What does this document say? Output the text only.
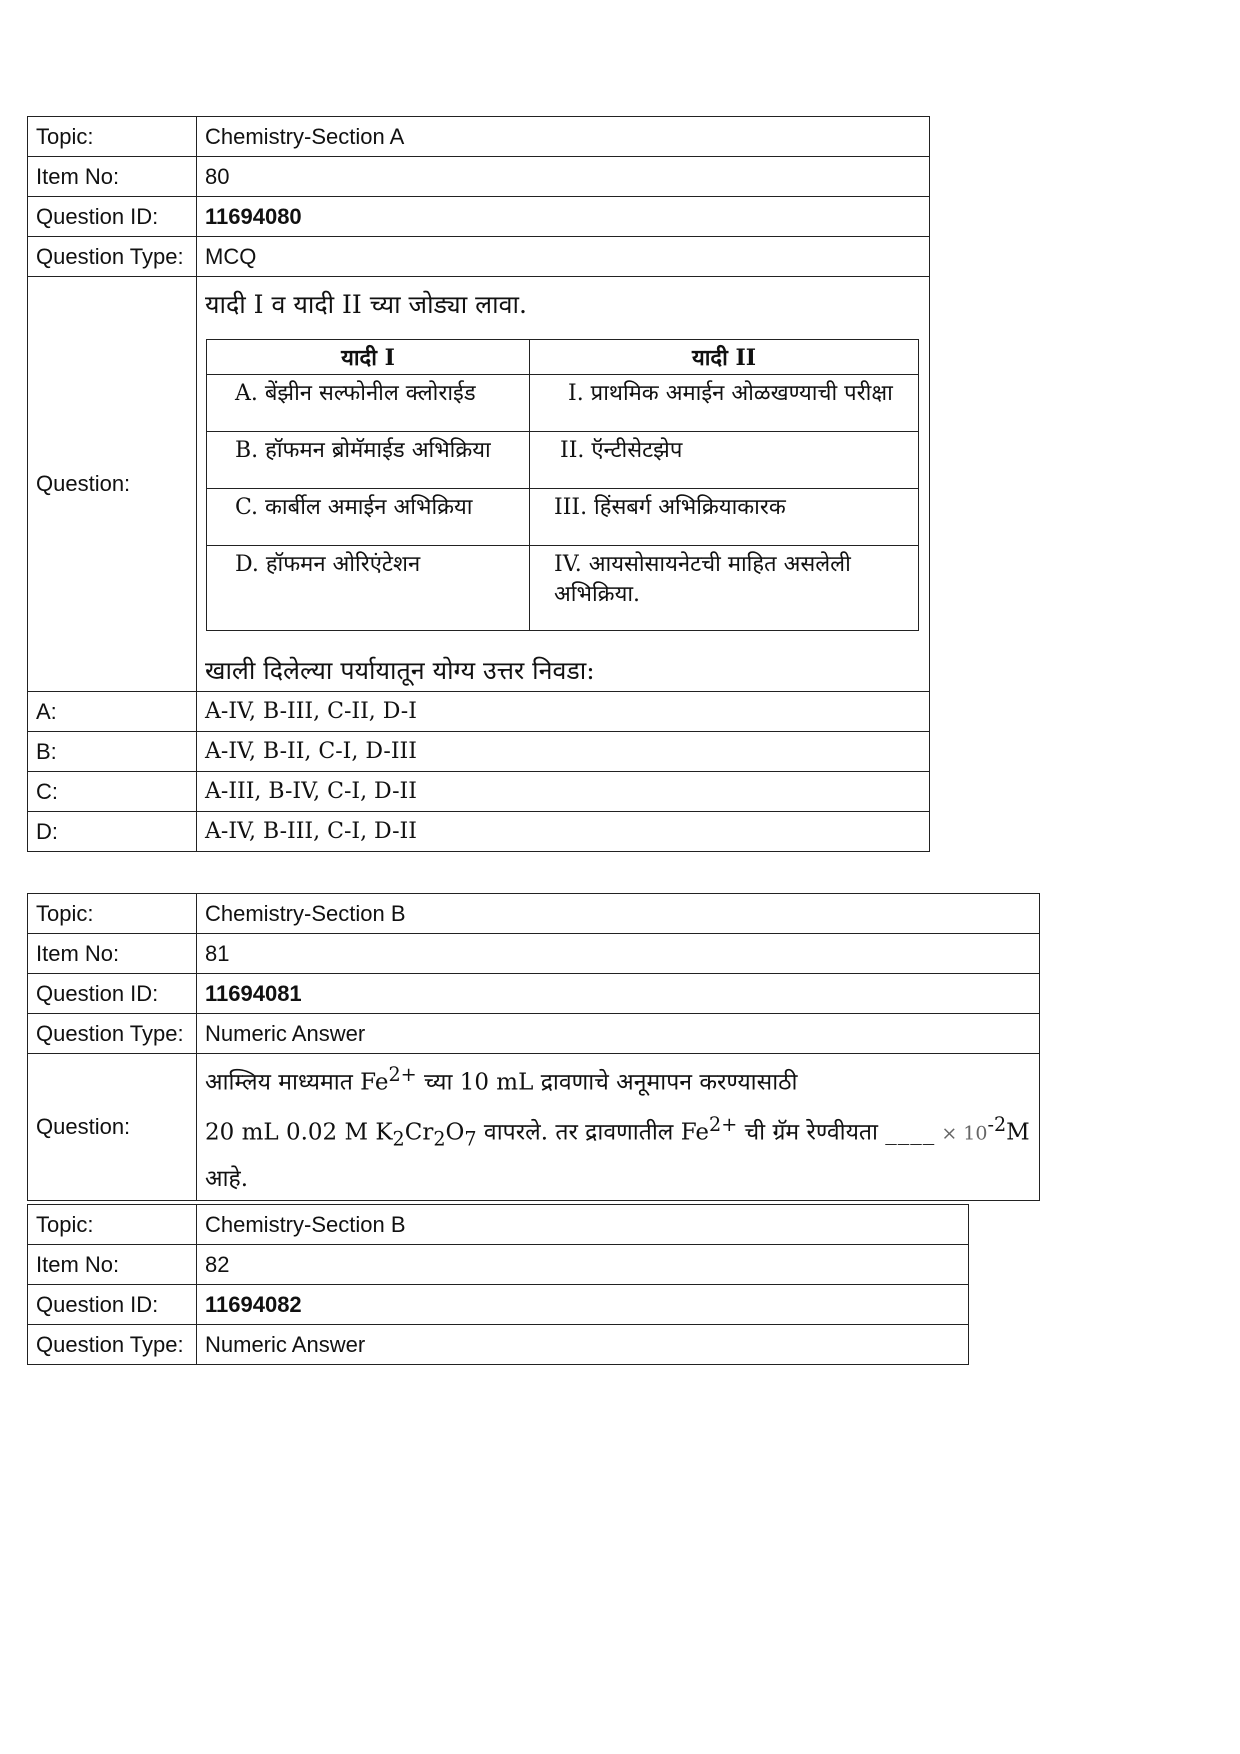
Topic:	Chemistry-Section A
Item No:	80
Question ID:	11694080
Question Type:	MCQ
Question:	
यादी I व यादी II च्या जोड्या लावा.
यादी I	यादी II
A. बेंझीन सल्फोनील क्लोराईड	I. प्राथमिक अमाईन ओळखण्याची परीक्षा
B. हॉफमन ब्रोमॅमाईड अभिक्रिया	II. ऍन्टीसेटझेप
C. कार्बील अमाईन अभिक्रिया	III. हिंसबर्ग अभिक्रियाकारक
D. हॉफमन ओरिएंटेशन	IV. आयसोसायनेटची माहित असलेली अभिक्रिया.
खाली दिलेल्या पर्यायातून योग्य उत्तर निवडा:

A:	A-IV, B-III, C-II, D-I
B:	A-IV, B-II, C-I, D-III
C:	A-III, B-IV, C-I, D-II
D:	A-IV, B-III, C-I, D-II
Topic:	Chemistry-Section B
Item No:	81
Question ID:	11694081
Question Type:	Numeric Answer
Question:	आम्लिय माध्यमात $Fe^{2+}$ च्या 10 mL द्रावणाचे अनूमापन करण्यासाठी
20 mL 0.02 M $K_2Cr_2O_7$ वापरले. तर द्रावणातील $Fe^{2+}$ ची ग्रॅम रेण्वीयता ____ × $10^{-2}M$
आहे.
Topic:	Chemistry-Section B
Item No:	82
Question ID:	11694082
Question Type:	Numeric Answer
